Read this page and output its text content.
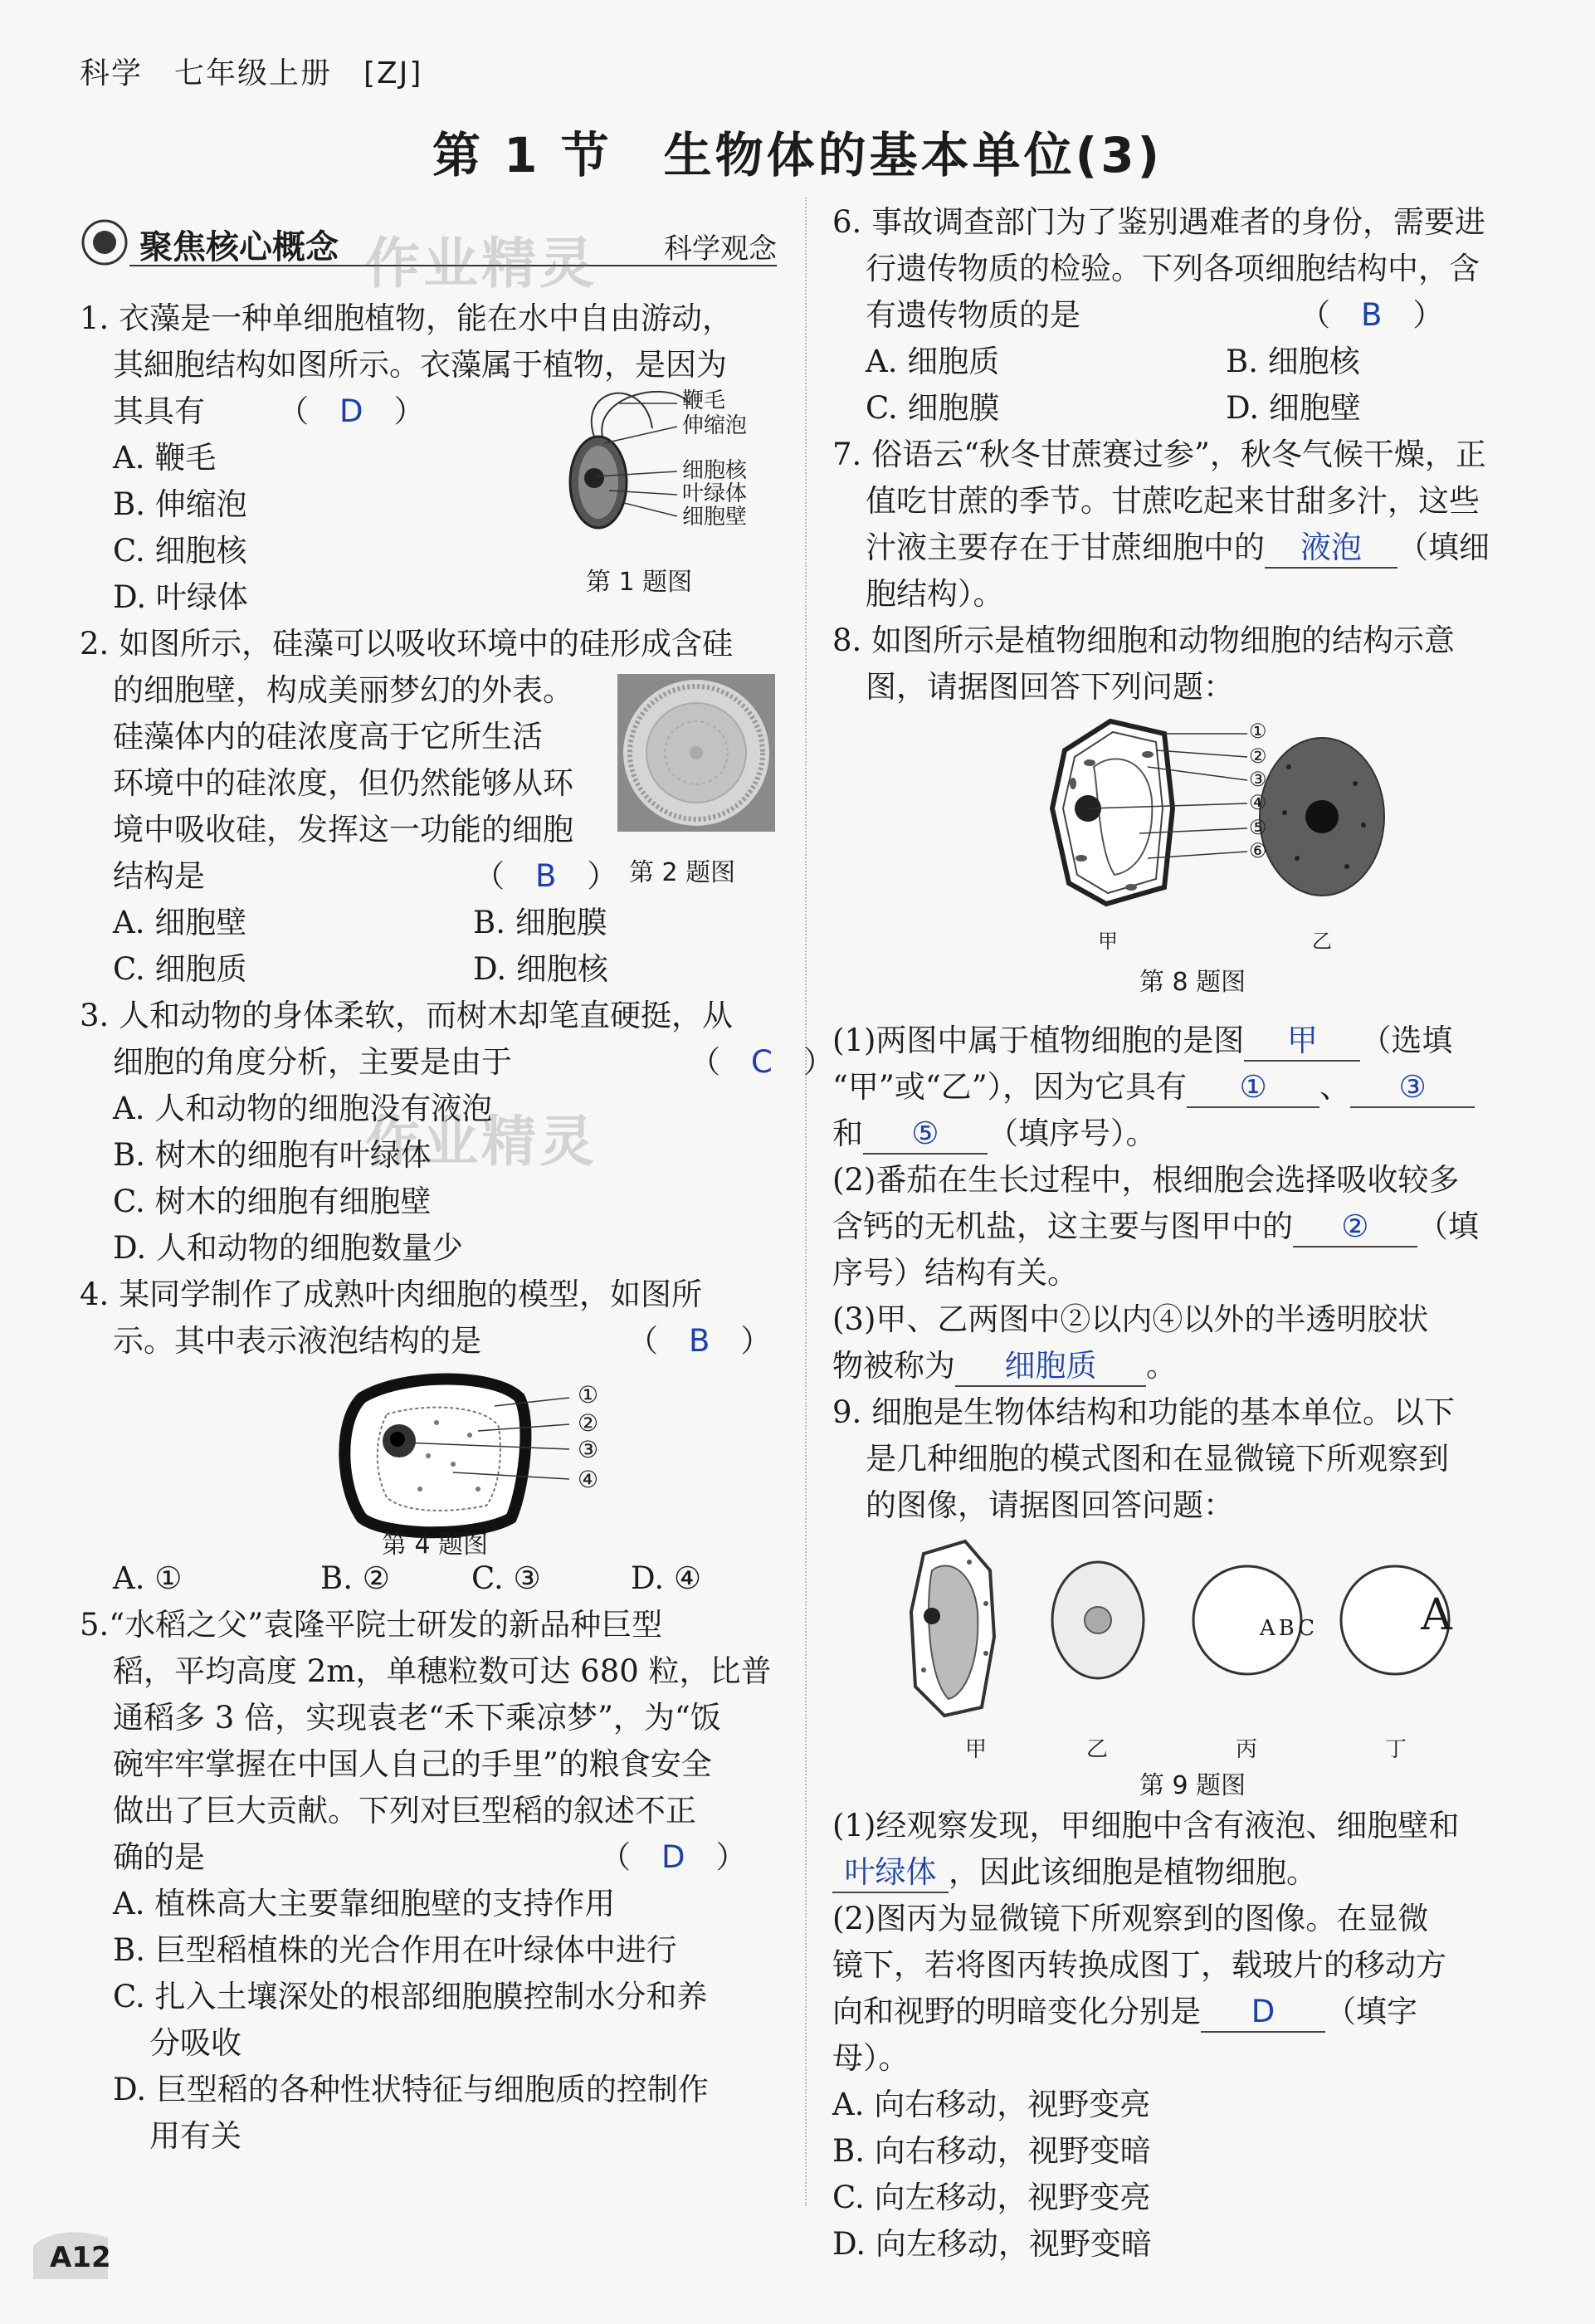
科学　七年级上册　[ZJ]
第 1 节　生物体的基本单位(3)
聚焦核心概念	科学观念
作业精灵
作业精灵
1. 衣藻是一种单细胞植物，能在水中自由游动，
其細胞结构如图所示。衣藻属于植物，是因为
其具有 （　D　）
A. 鞭毛
B. 伸缩泡
C. 细胞核
D. 叶绿体
鞭毛
伸缩泡
细胞核
叶绿体
细胞壁
第 1 题图
2. 如图所示，硅藻可以吸收环境中的硅形成含硅
的细胞壁，构成美丽梦幻的外表。
硅藻体内的硅浓度高于它所生活
环境中的硅浓度，但仍然能够从环
境中吸收硅，发挥这一功能的细胞
结构是	（　B　）
A. 细胞壁	B. 细胞膜
C. 细胞质	D. 细胞核
第 2 题图
3. 人和动物的身体柔软，而树木却笔直硬挺，从
细胞的角度分析，主要是由于	（　C　）
A. 人和动物的细胞没有液泡
B. 树木的细胞有叶绿体
C. 树木的细胞有细胞壁
D. 人和动物的细胞数量少
4. 某同学制作了成熟叶肉细胞的模型，如图所
示。其中表示液泡结构的是	（　B　）
①
②
③
④
第 4 题图
A. ①	B. ②	C. ③	D. ④
5.“水稻之父”袁隆平院士研发的新品种巨型
稻，平均高度 2m，单穗粒数可达 680 粒，比普
通稻多 3 倍，实现袁老“禾下乘凉梦”，为“饭
碗牢牢掌握在中国人自己的手里”的粮食安全
做出了巨大贡献。下列对巨型稻的叙述不正
确的是	（　D　）
A. 植株高大主要靠细胞壁的支持作用
B. 巨型稻植株的光合作用在叶绿体中进行
C. 扎入土壤深处的根部细胞膜控制水分和养
分吸收
D. 巨型稻的各种性状特征与细胞质的控制作
用有关
6. 事故调查部门为了鉴别遇难者的身份，需要进
行遗传物质的检验。下列各项细胞结构中，含
有遗传物质的是	（　B　）
A. 细胞质	B. 细胞核
C. 细胞膜	D. 细胞壁
7. 俗语云“秋冬甘蔗赛过参”，秋冬气候干燥，正
值吃甘蔗的季节。甘蔗吃起来甘甜多汁，这些
汁液主要存在于甘蔗细胞中的 液泡 （填细
胞结构）。
8. 如图所示是植物细胞和动物细胞的结构示意
图，请据图回答下列问题：
①
②
③
④
⑤
⑥
甲	乙
第 8 题图
(1)两图中属于植物细胞的是图 甲 （选填
“甲”或“乙”），因为它具有 ① 、 ③
和 ⑤ （填序号）。
(2)番茄在生长过程中，根细胞会选择吸收较多
含钙的无机盐，这主要与图甲中的 ② （填
序号）结构有关。
(3)甲、乙两图中②以内④以外的半透明胶状
物被称为 细胞质 。
9. 细胞是生物体结构和功能的基本单位。以下
是几种细胞的模式图和在显微镜下所观察到
的图像，请据图回答问题：
ABC	A
甲	乙	丙	丁
第 9 题图
(1)经观察发现，甲细胞中含有液泡、细胞壁和
叶绿体 ，因此该细胞是植物细胞。
(2)图丙为显微镜下所观察到的图像。在显微
镜下，若将图丙转换成图丁，载玻片的移动方
向和视野的明暗变化分别是 D （填字
母）。
A. 向右移动，视野变亮
B. 向右移动，视野变暗
C. 向左移动，视野变亮
D. 向左移动，视野变暗
A12
